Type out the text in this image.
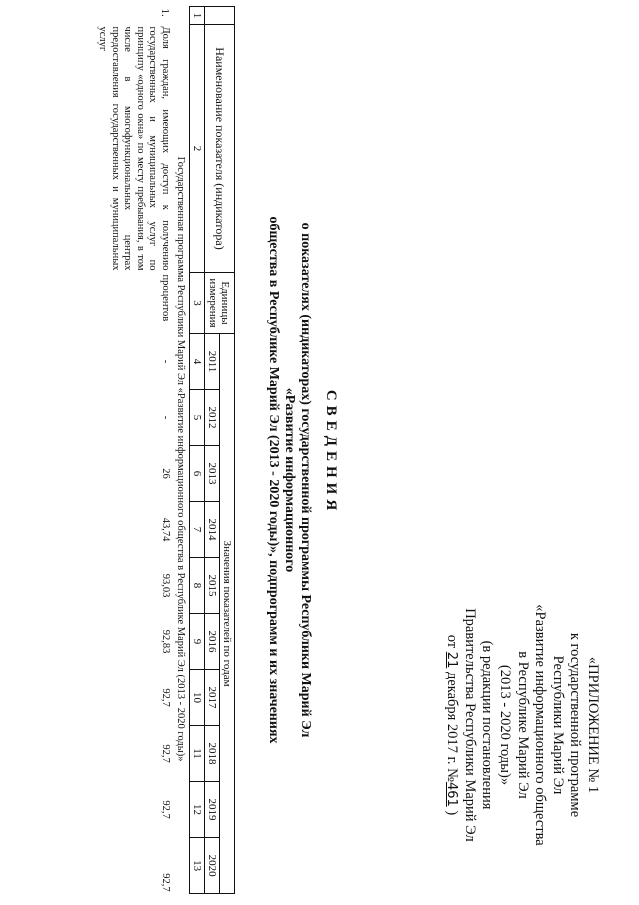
«ПРИЛОЖЕНИЕ № 1
к государственной программе
Республики Марий Эл
«Развитие информационного общества
в Республике Марий Эл
(2013 - 2020 годы)»
(в редакции постановления
Правительства Республики Марий Эл
от 21 декабря 2017 г. №461 )
СВЕДЕНИЯ
о показателях (индикаторах) государственной программы Республики Марий Эл «Развитие информационного
общества в Республике Марий Эл (2013 - 2020 годы)», подпрограмм и их значениях
	Наименование показателя (индикатора)	Единицы измерения	Значения показателей по годам									
			2011	2012	2013	2014	2015	2016	2017	2018	2019	2020
1	2	3	4	5	6	7	8	9	10	11	12	13
	Государственная программа Республики Марий Эл «Развитие информационного общества в Республике Марий Эл (2013 - 2020 годы)»											
1.	Доля граждан, имеющих доступ к получению государственных и муниципальных услуг по принципу «одного окна» по месту пребывания, в том числе в многофункциональных центрах предоставления государственных и муниципальных услуг	процентов	-	-	26	43,74	93,03	92,83	92,7	92,7	92,7	92,7
